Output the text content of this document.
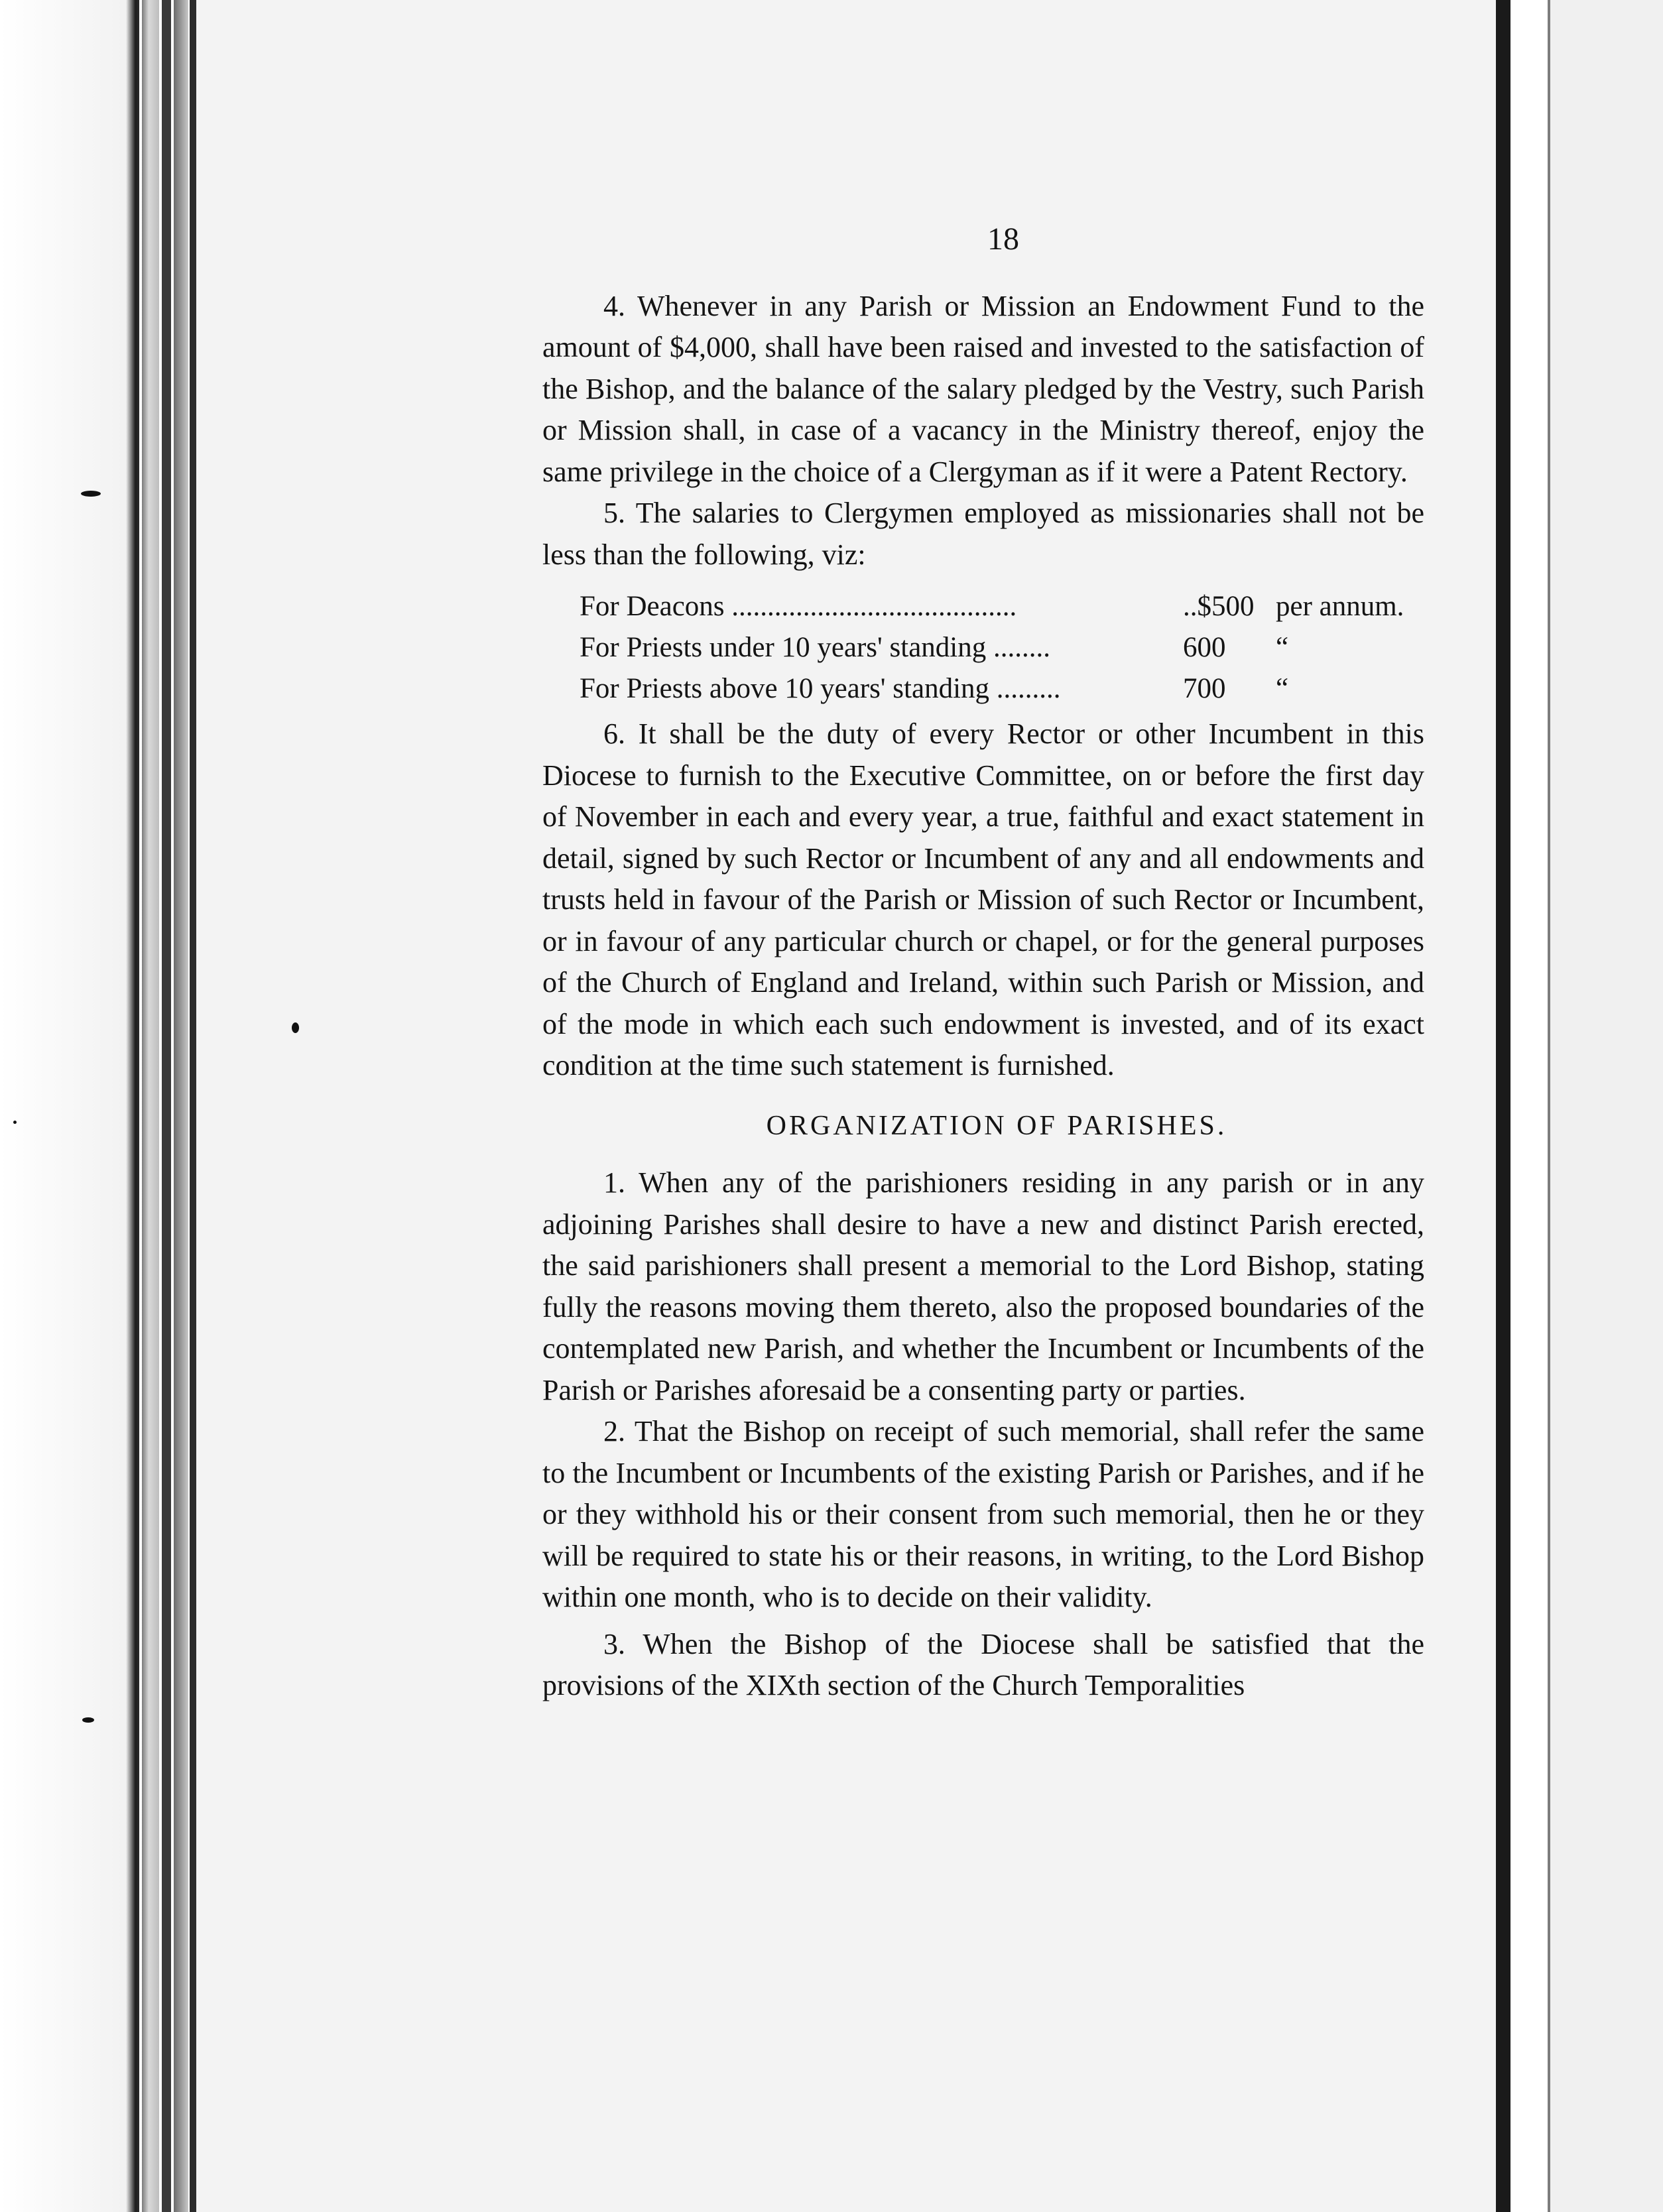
18

4. Whenever in any Parish or Mission an Endowment Fund to the amount of $4,000, shall have been raised and invested to the satisfaction of the Bishop, and the balance of the salary pledged by the Vestry, such Parish or Mission shall, in case of a vacancy in the Ministry thereof, enjoy the same privilege in the choice of a Clergyman as if it were a Patent Rectory.

5. The salaries to Clergymen employed as missionaries shall not be less than the following, viz:

For Deacons ........................................	..$500	per annum.
For Priests under 10 years' standing ........	600	“
For Priests above 10 years' standing .........	700	“

6. It shall be the duty of every Rector or other Incumbent in this Diocese to furnish to the Executive Committee, on or before the first day of November in each and every year, a true, faithful and exact statement in detail, signed by such Rector or Incumbent of any and all endowments and trusts held in favour of the Parish or Mission of such Rector or Incumbent, or in favour of any particular church or chapel, or for the general purposes of the Church of England and Ireland, within such Parish or Mission, and of the mode in which each such endowment is invested, and of its exact condition at the time such statement is furnished.

ORGANIZATION OF PARISHES.

1. When any of the parishioners residing in any parish or in any adjoining Parishes shall desire to have a new and distinct Parish erected, the said parishioners shall present a memorial to the Lord Bishop, stating fully the reasons moving them thereto, also the proposed boundaries of the contemplated new Parish, and whether the Incumbent or Incumbents of the Parish or Parishes aforesaid be a consenting party or parties.

2. That the Bishop on receipt of such memorial, shall refer the same to the Incumbent or Incumbents of the existing Parish or Parishes, and if he or they withhold his or their consent from such memorial, then he or they will be required to state his or their reasons, in writing, to the Lord Bishop within one month, who is to decide on their validity.

3. When the Bishop of the Diocese shall be satisfied that the provisions of the XIXth section of the Church Temporalities
